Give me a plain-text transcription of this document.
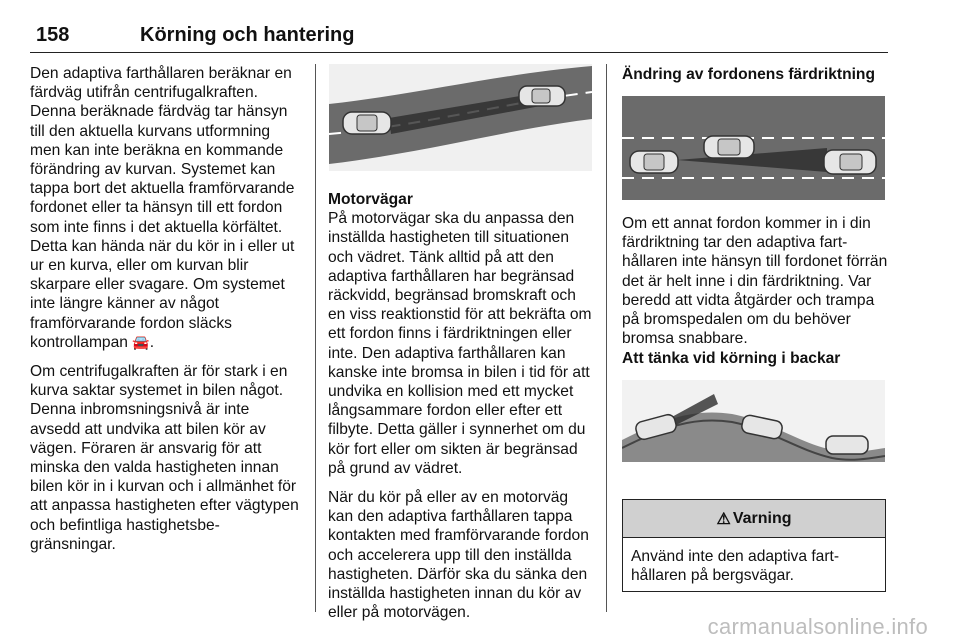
158	Körning och hantering

Den adaptiva farthållaren beräknar en färdväg utifrån centrifugalkraften. Denna beräknade färdväg tar hänsyn till den aktuella kurvans utformning men kan inte beräkna en kommande förändring av kurvan. Systemet kan tappa bort det aktuella framförvarande fordonet eller ta hänsyn till ett fordon som inte finns i det aktuella körfältet. Detta kan hända när du kör in i eller ut ur en kurva, eller om kurvan blir skarpare eller svagare. Om systemet inte längre känner av något framförvarande fordon släcks kontrollampan 🚘.

Om centrifugalkraften är för stark i en kurva saktar systemet in bilen något. Denna inbromsningsnivå är inte avsedd att undvika att bilen kör av vägen. Föraren är ansvarig för att minska den valda hastigheten innan bilen kör in i kurvan och i allmänhet för att anpassa hastigheten efter vägtypen och befintliga hastighetsbegränsningar.

Motorvägar

På motorvägar ska du anpassa den inställda hastigheten till situationen och vädret. Tänk alltid på att den adaptiva farthållaren har begränsad räckvidd, begränsad bromskraft och en viss reaktionstid för att bekräfta om ett fordon finns i färdriktningen eller inte. Den adaptiva farthållaren kan kanske inte bromsa in bilen i tid för att undvika en kollision med ett mycket långsammare fordon eller efter ett filbyte. Detta gäller i synnerhet om du kör fort eller om sikten är begränsad på grund av vädret.

När du kör på eller av en motorväg kan den adaptiva farthållaren tappa kontakten med framförvarande fordon och accelerera upp till den inställda hastigheten. Därför ska du sänka den inställda hastigheten innan du kör av eller på motorvägen.

Ändring av fordonens färdriktning

Om ett annat fordon kommer in i din färdriktning tar den adaptiva farthållaren inte hänsyn till fordonet förrän det är helt inne i din färdriktning. Var beredd att vidta åtgärder och trampa på bromspedalen om du behöver bromsa snabbare.

Att tänka vid körning i backar
⚠ Varning
Använd inte den adaptiva farthållaren på bergsvägar.
carmanualsonline.info
